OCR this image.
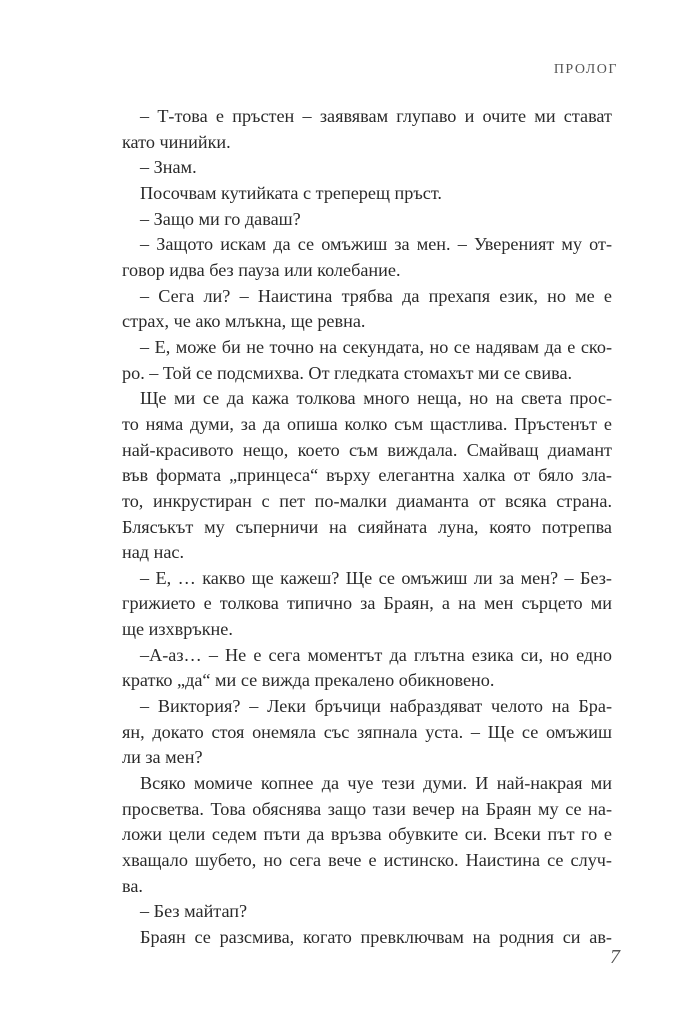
ПРОЛОГ
– Т-това е пръстен – заявявам глупаво и очите ми стават
като чинийки.
– Знам.
Посочвам кутийката с треперещ пръст.
– Защо ми го даваш?
– Защото искам да се омъжиш за мен. – Увереният му от-
говор идва без пауза или колебание.
– Сега ли? – Наистина трябва да прехапя език, но ме е
страх, че ако млъкна, ще ревна.
– Е, може би не точно на секундата, но се надявам да е ско-
ро. – Той се подсмихва. От гледката стомахът ми се свива.
Ще ми се да кажа толкова много неща, но на света прос-
то няма думи, за да опиша колко съм щастлива. Пръстенът е
най-красивото нещо, което съм виждала. Смайващ диамант
във формата „принцеса“ върху елегантна халка от бяло зла-
то, инкрустиран с пет по-малки диаманта от всяка страна.
Блясъкът му съперничи на сияйната луна, която потрепва
над нас.
– Е, … какво ще кажеш? Ще се омъжиш ли за мен? – Без-
грижието е толкова типично за Браян, а на мен сърцето ми
ще изхвръкне.
–А-аз… – Не е сега моментът да глътна езика си, но едно
кратко „да“ ми се вижда прекалено обикновено.
– Виктория? – Леки бръчици набраздяват челото на Бра-
ян, докато стоя онемяла със зяпнала уста. – Ще се омъжиш
ли за мен?
Всяко момиче копнее да чуе тези думи. И най-накрая ми
просветва. Това обяснява защо тази вечер на Браян му се на-
ложи цели седем пъти да връзва обувките си. Всеки път го е
хващало шубето, но сега вече е истинско. Наистина се случ-
ва.
– Без майтап?
Браян се разсмива, когато превключвам на родния си ав-
7
